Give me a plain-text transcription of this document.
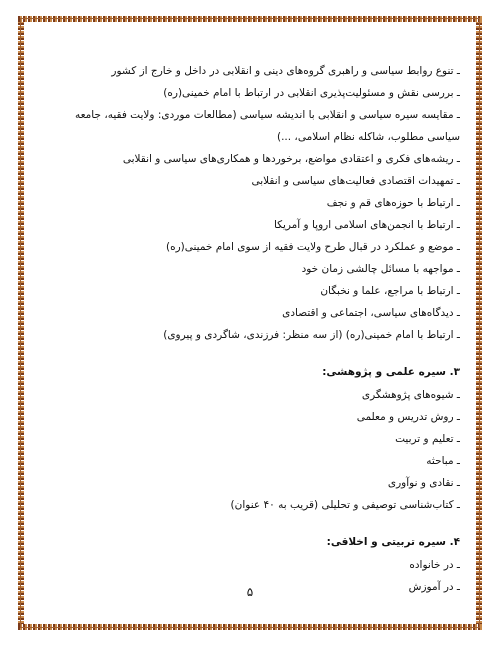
ـ تنوع روابط سیاسی و راهبری گروه‌های دینی و انقلابی در داخل و خارج از کشور
ـ بررسی نقش و مسئولیت‌پذیری انقلابی در ارتباط با امام خمینی(ره)
ـ مقایسه سیره سیاسی و انقلابی با اندیشه سیاسی (مطالعات موردی: ولایت فقیه، جامعه سیاسی مطلوب، شاکله نظام اسلامی، ...)
ـ ریشه‌های فکری و اعتقادی مواضع، برخوردها و همکاری‌های سیاسی و انقلابی
ـ تمهیدات اقتصادی فعالیت‌های سیاسی و انقلابی
ـ ارتباط با حوزه‌های قم و نجف
ـ ارتباط با انجمن‌های اسلامی اروپا و آمریکا
ـ موضع و عملکرد در قبال طرح ولایت فقیه از سوی امام خمینی(ره)
ـ مواجهه با مسائل چالشی زمان خود
ـ ارتباط با مراجع، علما و نخبگان
ـ دیدگاه‌های سیاسی، اجتماعی و اقتصادی
ـ ارتباط با امام خمینی(ره) (از سه منظر: فرزندی، شاگردی و پیروی)
۳. سیره علمی و پژوهشی:
ـ شیوه‌های پژوهشگری
ـ روش تدریس و معلمی
ـ تعلیم و تربیت
ـ مباحثه
ـ نقادی و نوآوری
ـ کتاب‌شناسی توصیفی و تحلیلی (قریب به ۴۰ عنوان)
۴. سیره تربیتی و اخلاقی:
ـ در خانواده
ـ در آموزش
۵
